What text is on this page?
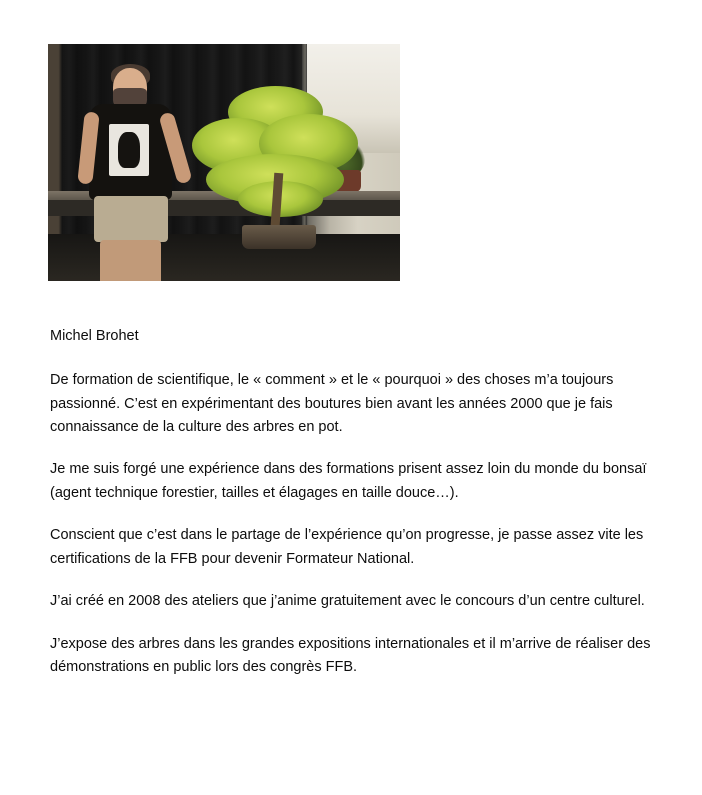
Michel Brohet

De formation de scientifique, le « comment » et le « pourquoi » des choses m’a toujours passionné. C’est en expérimentant des boutures bien avant les années 2000 que je fais connaissance de la culture des arbres en pot.

Je me suis forgé une expérience dans des formations prisent assez loin du monde du bonsaï (agent technique forestier, tailles et élagages en taille douce…).

Conscient que c’est dans le partage de l’expérience qu’on progresse, je passe assez vite les certifications de la FFB pour devenir Formateur National.

J’ai créé en 2008 des ateliers que j’anime gratuitement avec le concours d’un centre culturel.

J’expose des arbres dans les grandes expositions internationales et il m’arrive de réaliser des démonstrations en public lors des congrès FFB.
